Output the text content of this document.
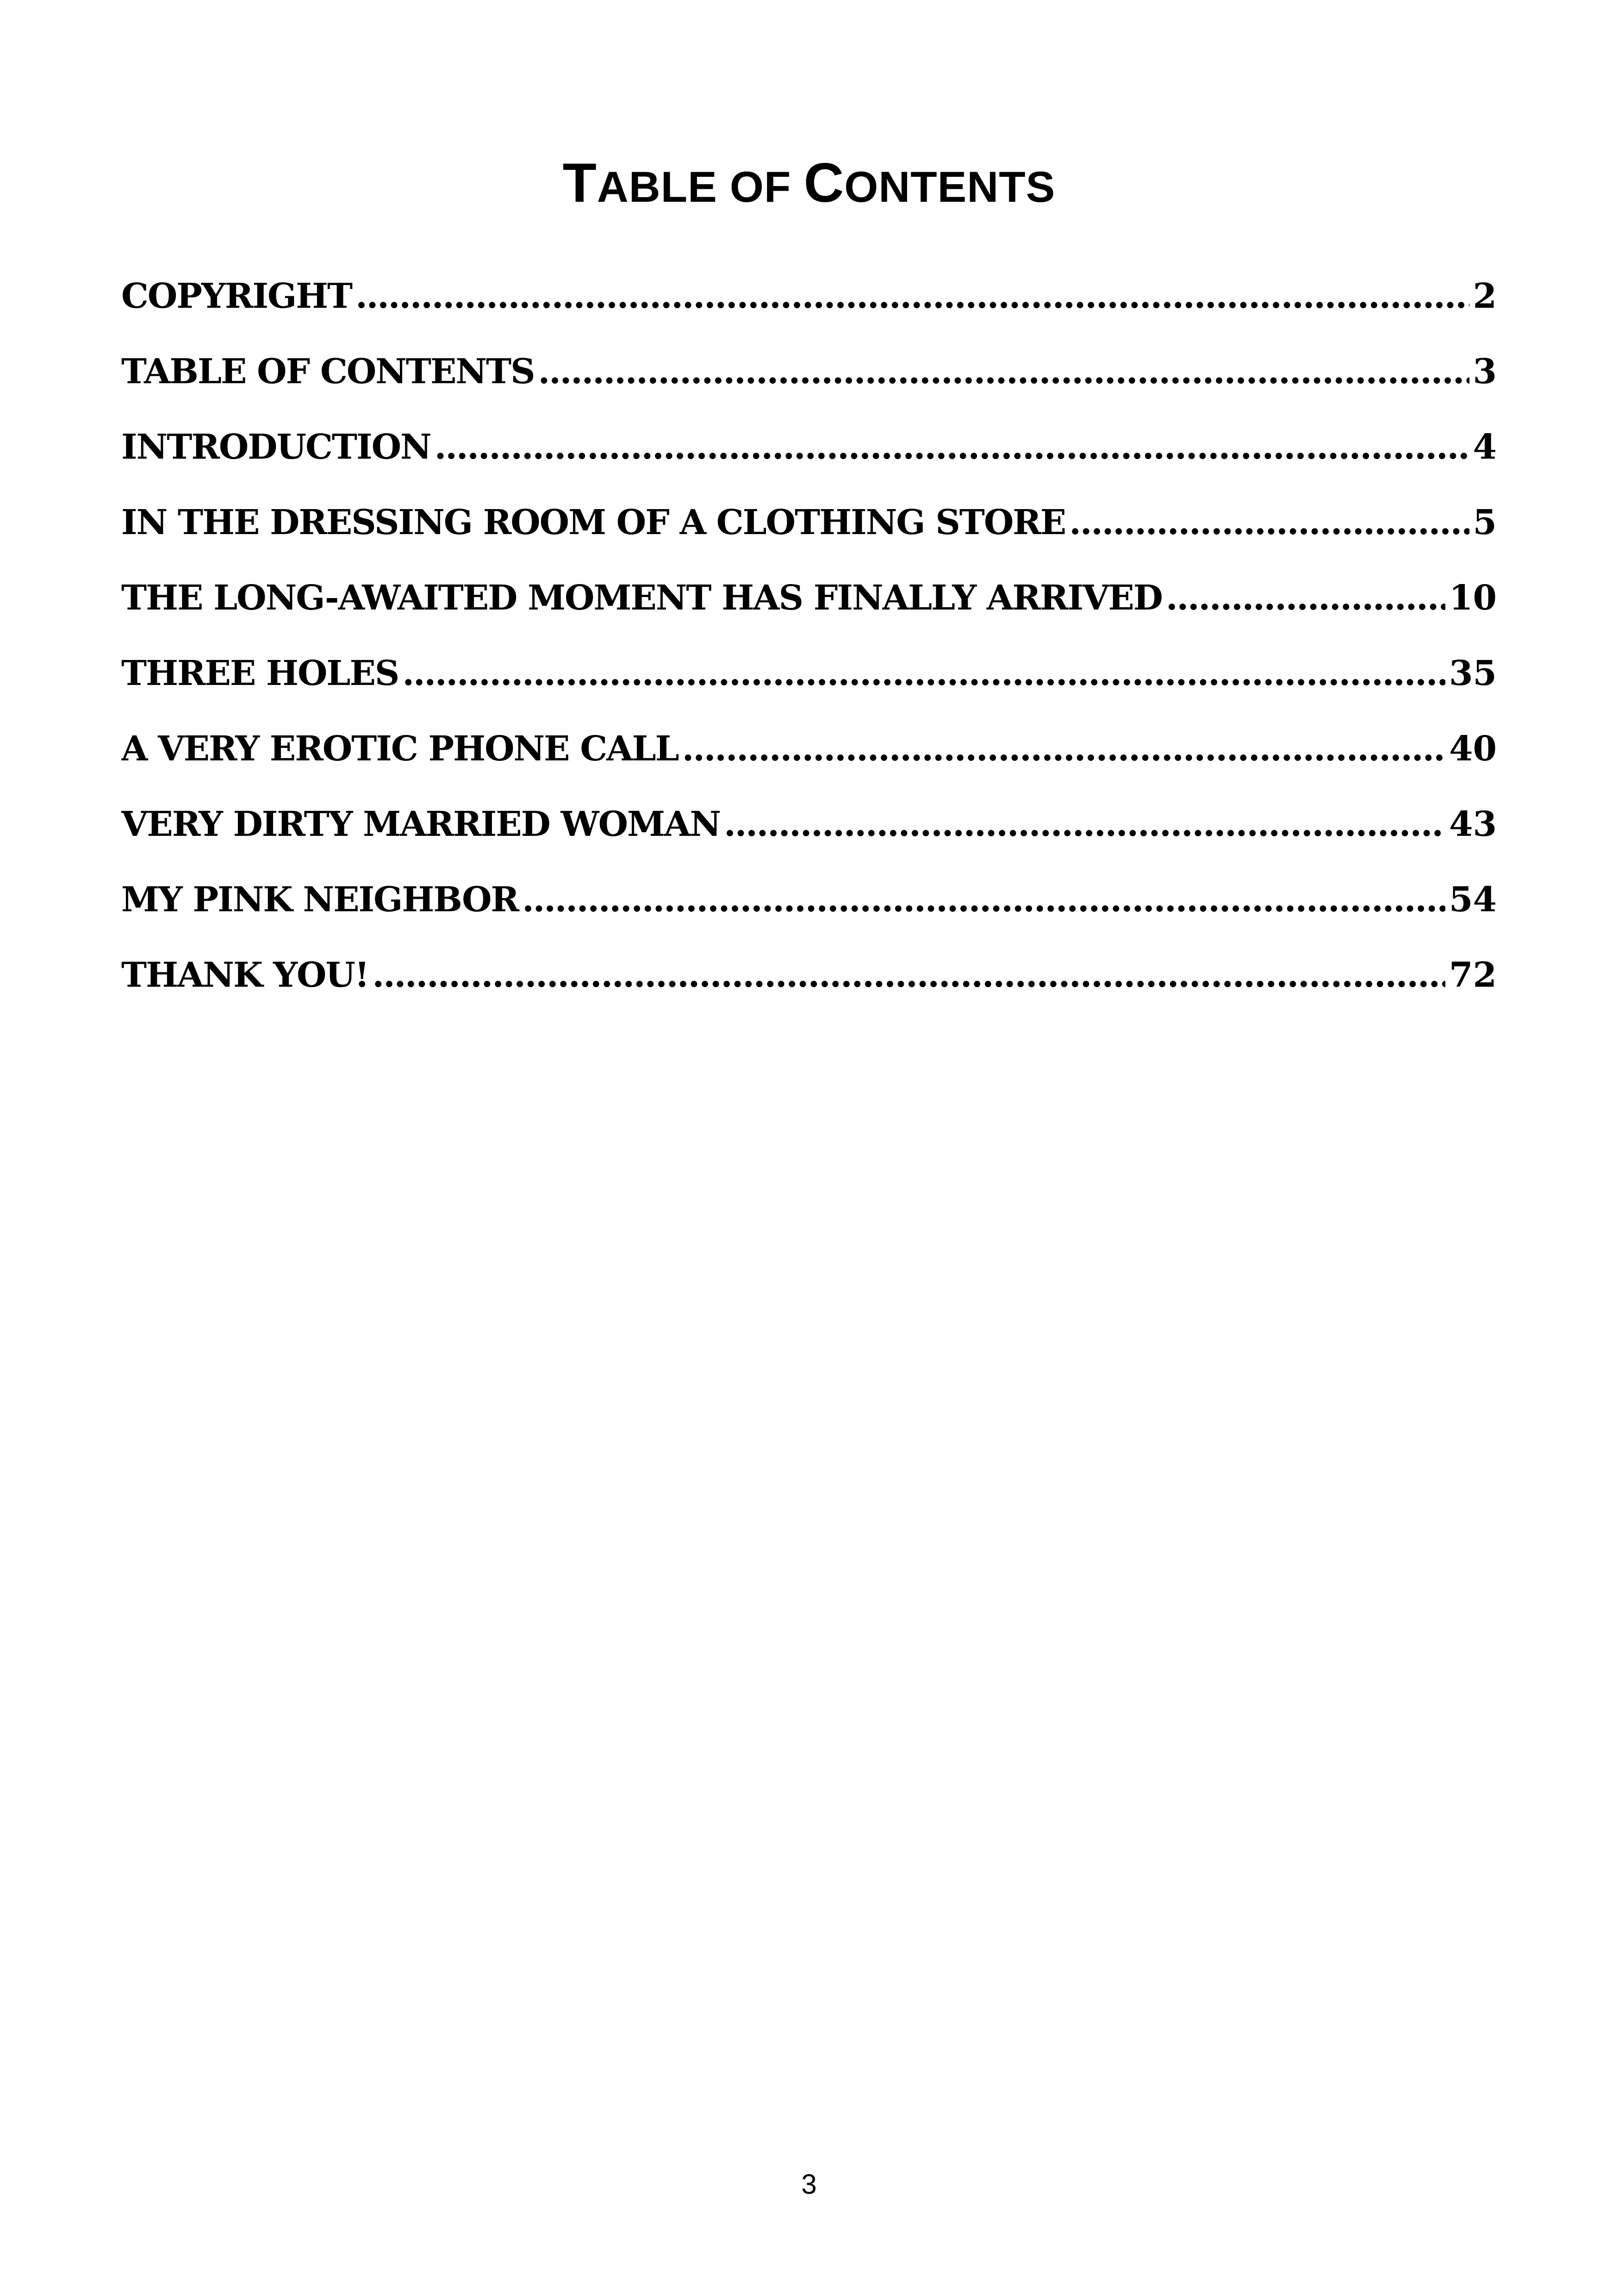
TABLE OF CONTENTS
COPYRIGHT . . .	2
TABLE OF CONTENTS . . .	3
INTRODUCTION . . .	4
IN THE DRESSING ROOM OF A CLOTHING STORE . . .	5
THE LONG-AWAITED MOMENT HAS FINALLY ARRIVED . . .	10
THREE HOLES . . .	35
A VERY EROTIC PHONE CALL . . .	40
VERY DIRTY MARRIED WOMAN . . .	43
MY PINK NEIGHBOR . . .	54
THANK YOU! . . .	72
3
